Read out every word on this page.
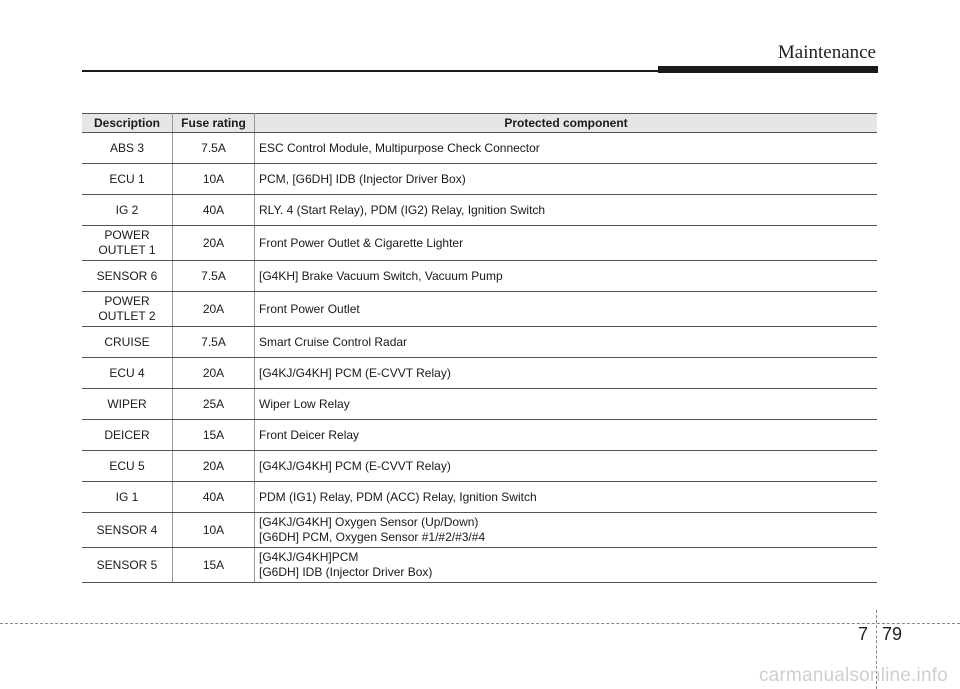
Maintenance
Description	Fuse rating	Protected component

ABS 3	7.5A	ESC Control Module, Multipurpose Check Connector

ECU 1	10A	PCM, [G6DH] IDB (Injector Driver Box)

IG 2	40A	RLY. 4 (Start Relay), PDM (IG2) Relay, Ignition Switch

POWER
OUTLET 1	20A	Front Power Outlet & Cigarette Lighter

SENSOR 6	7.5A	[G4KH] Brake Vacuum Switch, Vacuum Pump

POWER
OUTLET 2	20A	Front Power Outlet

CRUISE	7.5A	Smart Cruise Control Radar

ECU 4	20A	[G4KJ/G4KH] PCM (E-CVVT Relay)

WIPER	25A	Wiper Low Relay

DEICER	15A	Front Deicer Relay

ECU 5	20A	[G4KJ/G4KH] PCM (E-CVVT Relay)

IG 1	40A	PDM (IG1) Relay, PDM (ACC) Relay, Ignition Switch

SENSOR 4	10A	[G4KJ/G4KH] Oxygen Sensor (Up/Down)
[G6DH] PCM, Oxygen Sensor #1/#2/#3/#4

SENSOR 5	15A	[G4KJ/G4KH]PCM
[G6DH] IDB (Injector Driver Box)
7 79
carmanualsonline.info
